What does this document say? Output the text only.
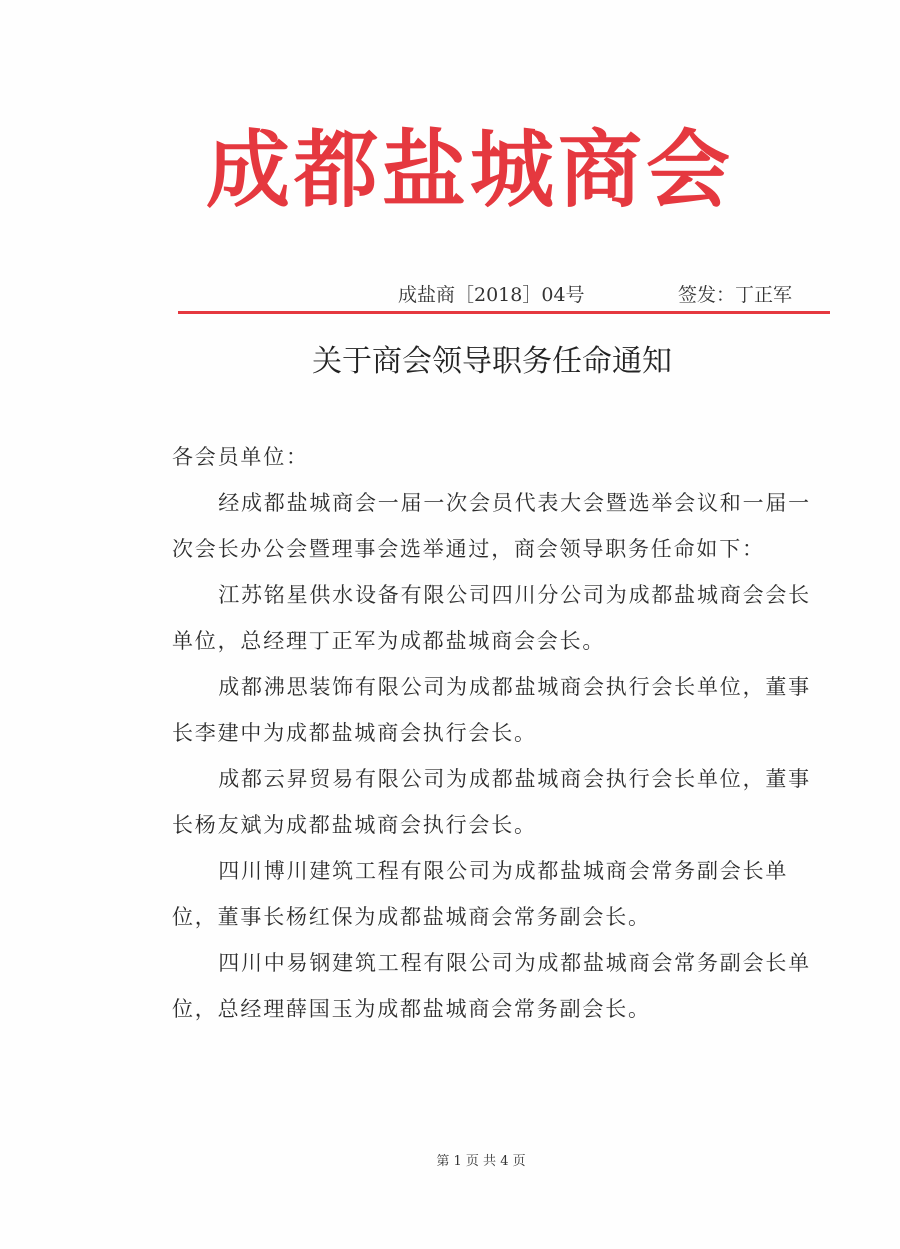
成都盐城商会
成盐商［2018］04号	签发：丁正军
关于商会领导职务任命通知

各会员单位：

经成都盐城商会一届一次会员代表大会暨选举会议和一届一次会长办公会暨理事会选举通过，商会领导职务任命如下：

江苏铭星供水设备有限公司四川分公司为成都盐城商会会长单位，总经理丁正军为成都盐城商会会长。

成都沸思装饰有限公司为成都盐城商会执行会长单位，董事长李建中为成都盐城商会执行会长。

成都云昇贸易有限公司为成都盐城商会执行会长单位，董事长杨友斌为成都盐城商会执行会长。

四川博川建筑工程有限公司为成都盐城商会常务副会长单位，董事长杨红保为成都盐城商会常务副会长。

四川中易钢建筑工程有限公司为成都盐城商会常务副会长单位，总经理薛国玉为成都盐城商会常务副会长。

第 1 页 共 4 页
